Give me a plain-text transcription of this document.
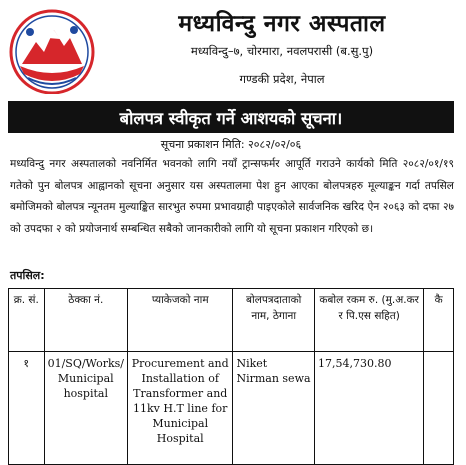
मध्यविन्दु नगर अस्पताल
मध्यविन्दु–७, चोरमारा, नवलपरासी (ब.सु.पु)
गण्डकी प्रदेश, नेपाल
बोलपत्र स्वीकृत गर्ने आशयको सूचना।
सूचना प्रकाशन मिति: २०८२/०२/०६
मध्यविन्दु नगर अस्पतालको नवनिर्मित भवनको लागि नयाँ ट्रान्सफर्मर आपूर्ति गराउने कार्यको मिति २०८२/०१/१९ गतेको पुन बोलपत्र आह्वानको सूचना अनुसार यस अस्पतालमा पेश हुन आएका बोलपत्रहरु मूल्याङ्कन गर्दा तपसिल बमोजिमको बोलपत्र न्यूनतम मुल्याङ्कित सारभुत रुपमा प्रभावग्राही पाइएकोले सार्वजनिक खरिद ऐन २०६३ को दफा २७ को उपदफा २ को प्रयोजनार्थ सम्बन्धित सबैको जानकारीको लागि यो सूचना प्रकाशन गरिएको छ।
तपसिल:
क्र. सं.	ठेक्का नं.	प्याकेजको नाम	बोलपत्रदाताको नाम, ठेगाना	कबोल रकम रु. (मु.अ.कर र पि.एस सहित)	कै
१	01/SQ/Works/ Municipal hospital	Procurement and Installation of Transformer and 11kv H.T line for Municipal Hospital	Niket Nirman sewa	17,54,730.80	
